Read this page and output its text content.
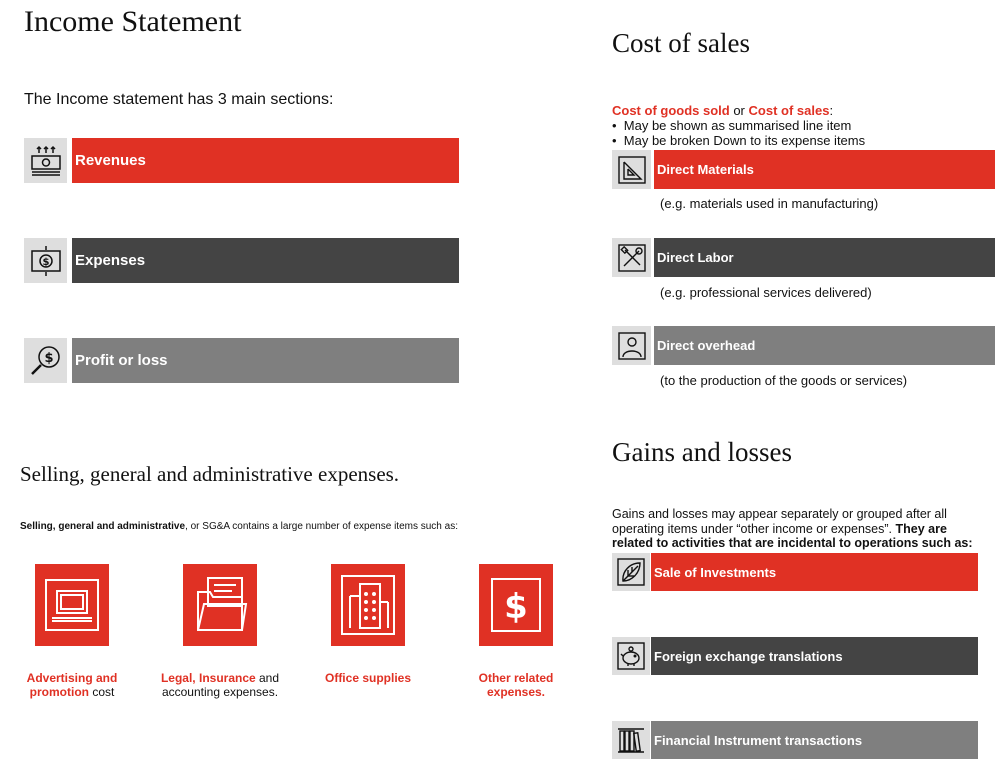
Income Statement
The Income statement has 3 main sections:
Revenues
$ Expenses
$ Profit or loss
Cost of sales
Cost of goods sold or Cost of sales:
•  May be shown as summarised line item
•  May be broken Down to its expense items
Direct Materials
(e.g. materials used in manufacturing)
Direct Labor
(e.g. professional services delivered)
Direct overhead
(to the production of the goods or services)
Selling, general and administrative expenses.
Selling, general and administrative, or SG&A contains a large number of expense items such as:
$
Advertising and promotion cost
Legal, Insurance and accounting expenses.
Office supplies	Other related expenses.
Gains and losses
Gains and losses may appear separately or grouped after all operating items under “other income or expenses”. They are related to activities that are incidental to operations such as:
Sale of Investments
Foreign exchange translations
Financial Instrument transactions
